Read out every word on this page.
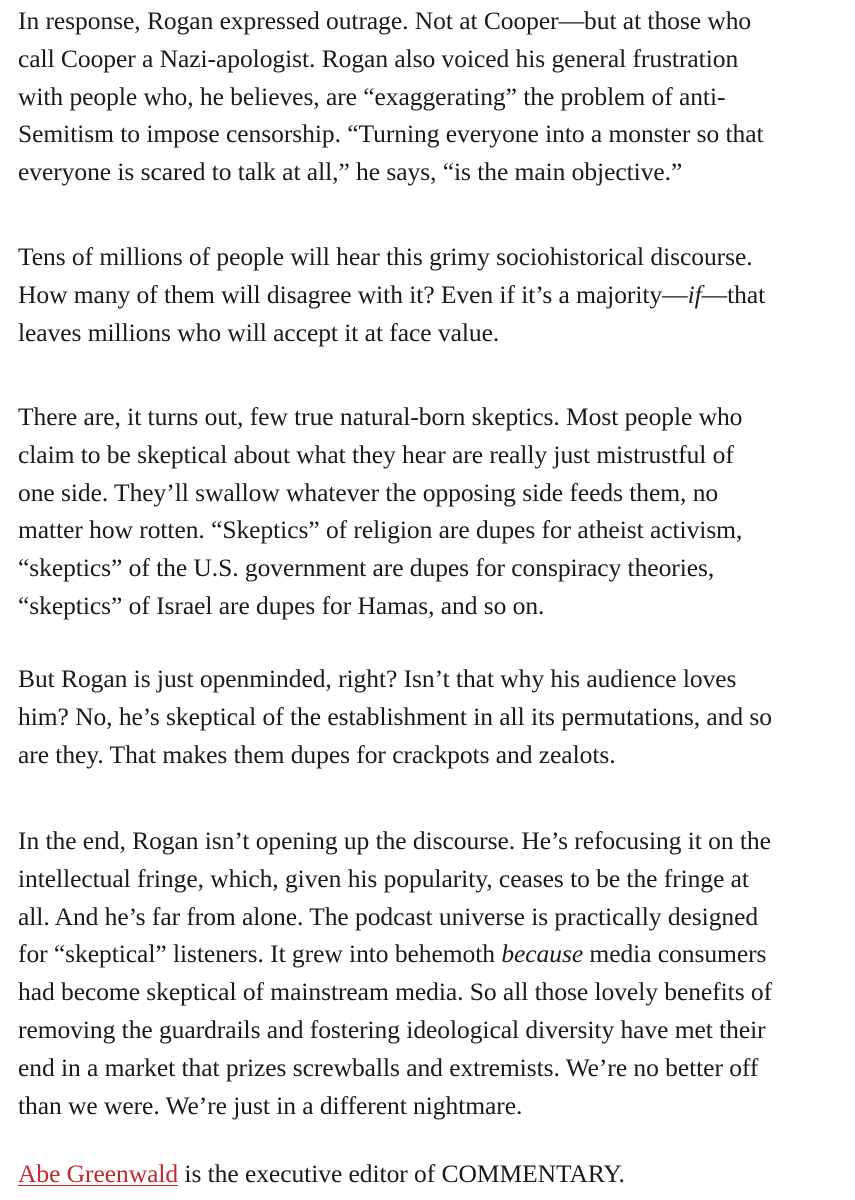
In response, Rogan expressed outrage. Not at Cooper—but at those who
call Cooper a Nazi-apologist. Rogan also voiced his general frustration
with people who, he believes, are “exaggerating” the problem of anti-
Semitism to impose censorship. “Turning everyone into a monster so that
everyone is scared to talk at all,” he says, “is the main objective.”

Tens of millions of people will hear this grimy sociohistorical discourse.
How many of them will disagree with it? Even if it’s a majority—if—that
leaves millions who will accept it at face value.

There are, it turns out, few true natural-born skeptics. Most people who
claim to be skeptical about what they hear are really just mistrustful of
one side. They’ll swallow whatever the opposing side feeds them, no
matter how rotten. “Skeptics” of religion are dupes for atheist activism,
“skeptics” of the U.S. government are dupes for conspiracy theories,
“skeptics” of Israel are dupes for Hamas, and so on.

But Rogan is just openminded, right? Isn’t that why his audience loves
him? No, he’s skeptical of the establishment in all its permutations, and so
are they. That makes them dupes for crackpots and zealots.

In the end, Rogan isn’t opening up the discourse. He’s refocusing it on the
intellectual fringe, which, given his popularity, ceases to be the fringe at
all. And he’s far from alone. The podcast universe is practically designed
for “skeptical” listeners. It grew into behemoth because media consumers
had become skeptical of mainstream media. So all those lovely benefits of
removing the guardrails and fostering ideological diversity have met their
end in a market that prizes screwballs and extremists. We’re no better off
than we were. We’re just in a different nightmare.

Abe Greenwald is the executive editor of COMMENTARY.
